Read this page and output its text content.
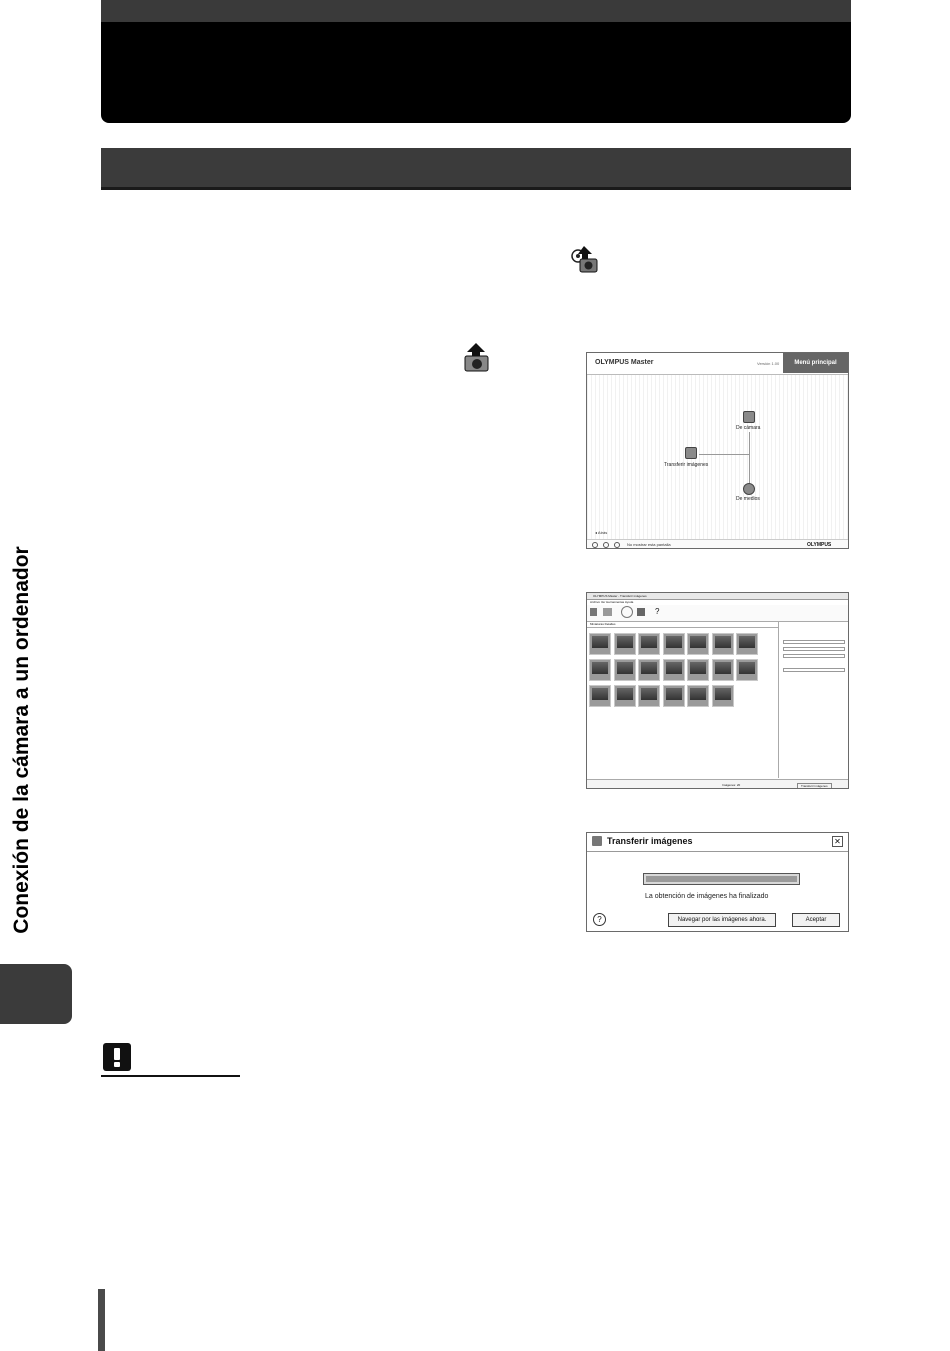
Conexión de la cámara a un ordenador
OLYMPUS Master	Versión 1.00	Menú principal
De cámara
Transferir imágenes
De medios
◂ Atrás
No mostrar esta pantalla	OLYMPUS
OLYMPUS Master - Transferir imágenes
Archivo Ver Herramientas Ayuda
?
Miniaturas Detalles
Imágenes: 20	Transferir imágenes
Transferir imágenes	✕
La obtención de imágenes ha finalizado
?	Navegar por las imágenes ahora.	Aceptar
